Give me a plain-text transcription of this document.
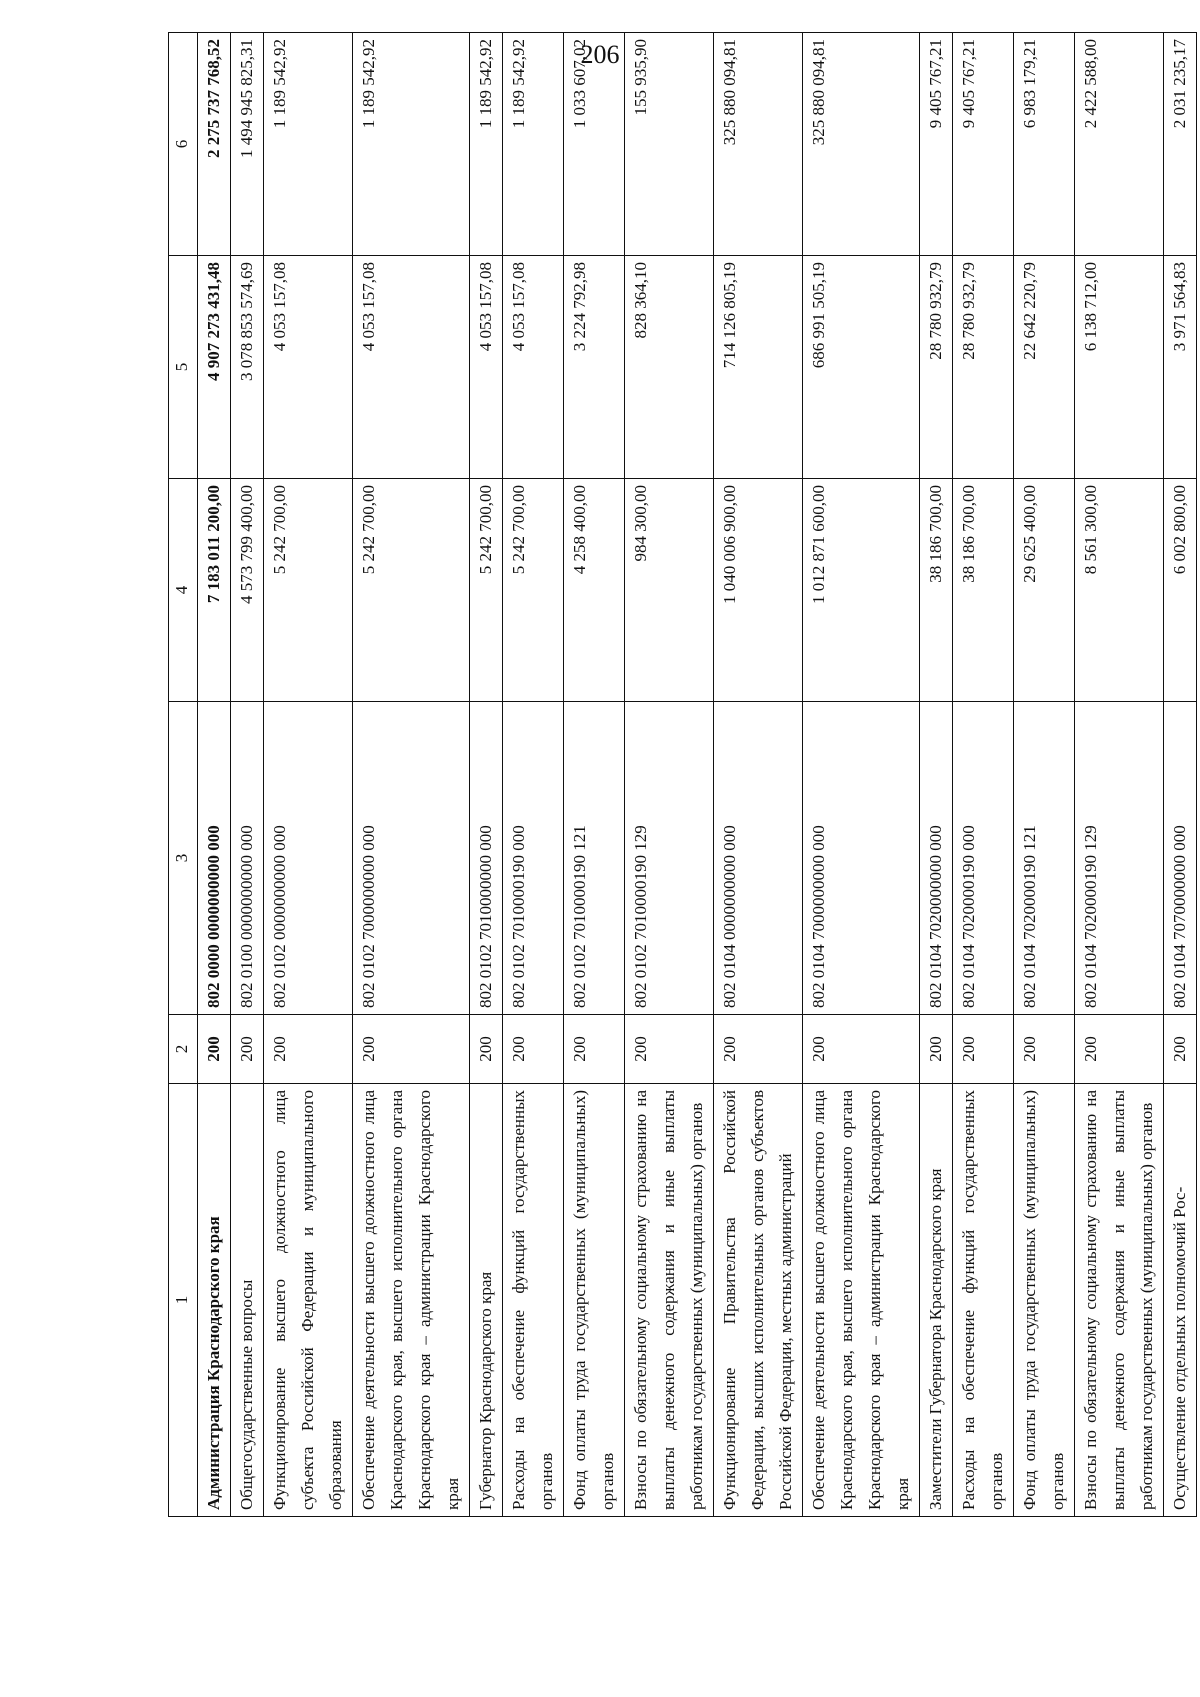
206
1	2	3	4	5	6
Администрация Краснодарского края	200	802 0000 0000000000 000	7 183 011 200,00	4 907 273 431,48	2 275 737 768,52
Общегосударственные вопросы	200	802 0100 0000000000 000	4 573 799 400,00	3 078 853 574,69	1 494 945 825,31
Функционирование высшего должностного лица субъекта Российской Федерации и муниципального образования	200	802 0102 0000000000 000	5 242 700,00	4 053 157,08	1 189 542,92
Обеспечение деятельности высшего должностного лица Краснодарского края, высшего исполнительного органа Краснодарского края – администрации Краснодарского края	200	802 0102 7000000000 000	5 242 700,00	4 053 157,08	1 189 542,92
Губернатор Краснодарского края	200	802 0102 7010000000 000	5 242 700,00	4 053 157,08	1 189 542,92
Расходы на обеспечение функций государственных органов	200	802 0102 7010000190 000	5 242 700,00	4 053 157,08	1 189 542,92
Фонд оплаты труда государственных (муниципальных) органов	200	802 0102 7010000190 121	4 258 400,00	3 224 792,98	1 033 607,02
Взносы по обязательному социальному страхованию на выплаты денежного содержания и иные выплаты работникам государственных (муниципальных) органов	200	802 0102 7010000190 129	984 300,00	828 364,10	155 935,90
Функционирование Правительства Российской Федерации, высших исполнительных органов субъектов Российской Федерации, местных администраций	200	802 0104 0000000000 000	1 040 006 900,00	714 126 805,19	325 880 094,81
Обеспечение деятельности высшего должностного лица Краснодарского края, высшего исполнительного органа Краснодарского края – администрации Краснодарского края	200	802 0104 7000000000 000	1 012 871 600,00	686 991 505,19	325 880 094,81
Заместители Губернатора Краснодарского края	200	802 0104 7020000000 000	38 186 700,00	28 780 932,79	9 405 767,21
Расходы на обеспечение функций государственных органов	200	802 0104 7020000190 000	38 186 700,00	28 780 932,79	9 405 767,21
Фонд оплаты труда государственных (муниципальных) органов	200	802 0104 7020000190 121	29 625 400,00	22 642 220,79	6 983 179,21
Взносы по обязательному социальному страхованию на выплаты денежного содержания и иные выплаты работникам государственных (муниципальных) органов	200	802 0104 7020000190 129	8 561 300,00	6 138 712,00	2 422 588,00
Осуществление отдельных полномочий Рос-	200	802 0104 7070000000 000	6 002 800,00	3 971 564,83	2 031 235,17
